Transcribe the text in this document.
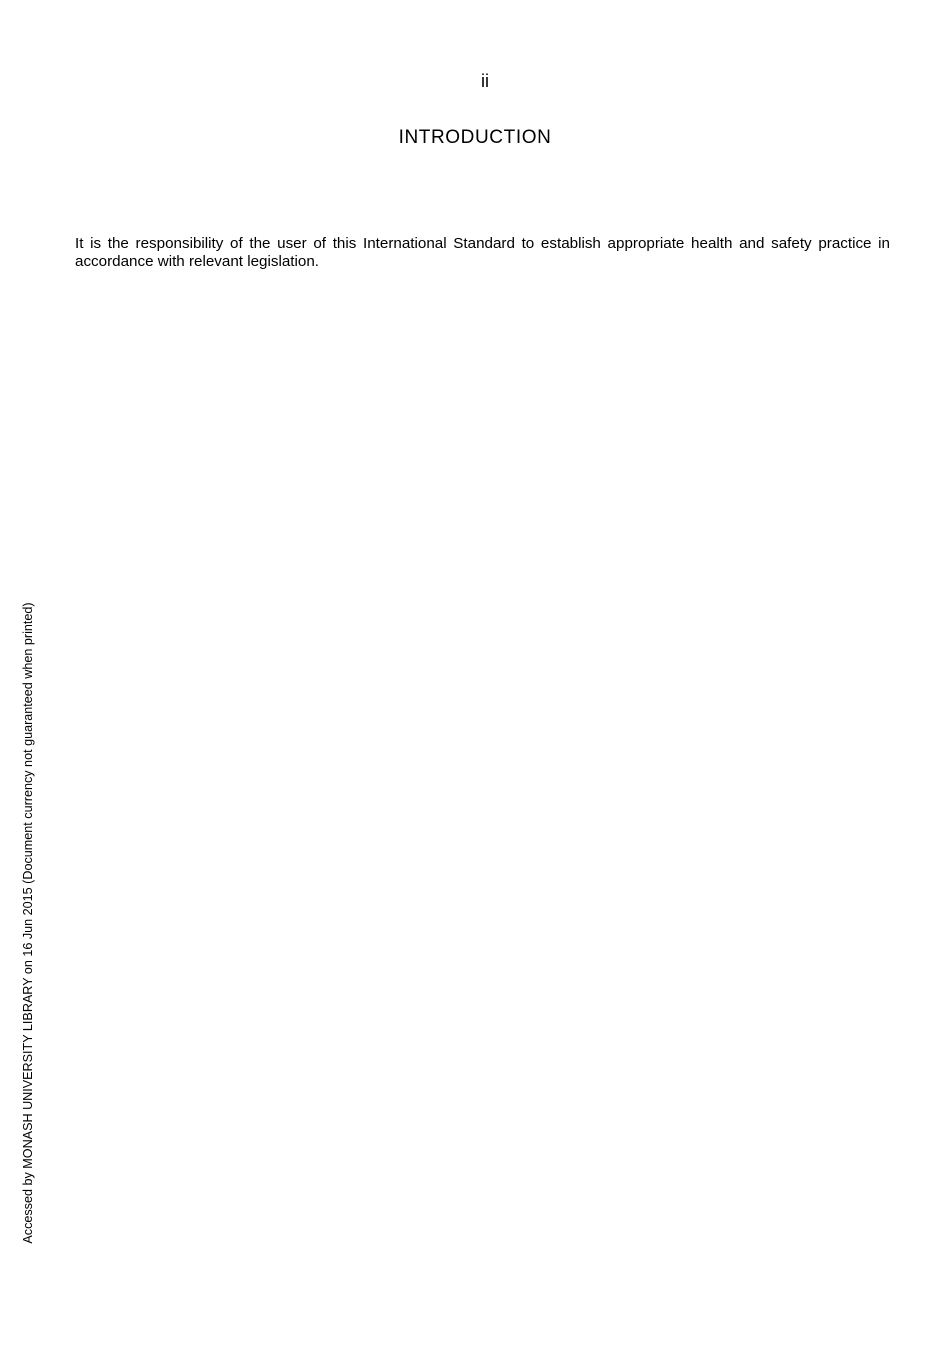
ii
INTRODUCTION

It is the responsibility of the user of this International Standard to establish appropriate health and safety practice in accordance with relevant legislation.

Accessed by MONASH UNIVERSITY LIBRARY on 16 Jun 2015 (Document currency not guaranteed when printed)
